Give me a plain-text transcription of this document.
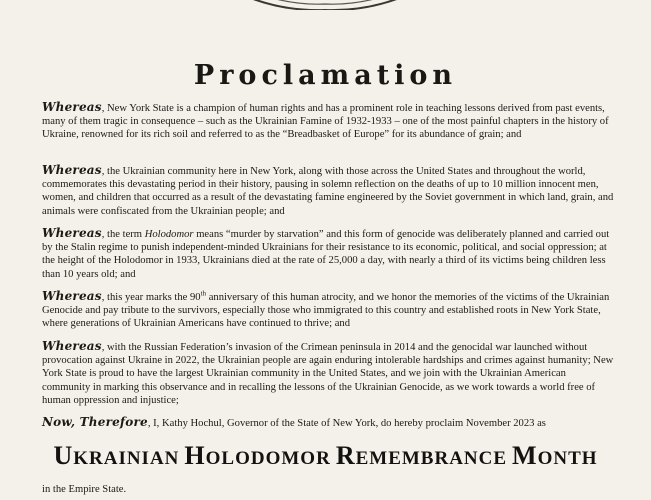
Proclamation
Whereas, New York State is a champion of human rights and has a prominent role in teaching lessons derived from past events, many of them tragic in consequence – such as the Ukrainian Famine of 1932-1933 – one of the most painful chapters in the history of Ukraine, renowned for its rich soil and referred to as the “Breadbasket of Europe” for its abundance of grain; and
Whereas, the Ukrainian community here in New York, along with those across the United States and throughout the world, commemorates this devastating period in their history, pausing in solemn reflection on the deaths of up to 10 million innocent men, women, and children that occurred as a result of the devastating famine engineered by the Soviet government in which land, grain, and animals were confiscated from the Ukrainian people; and
Whereas, the term Holodomor means “murder by starvation” and this form of genocide was deliberately planned and carried out by the Stalin regime to punish independent-minded Ukrainians for their resistance to its economic, political, and social oppression; at the height of the Holodomor in 1933, Ukrainians died at the rate of 25,000 a day, with nearly a third of its victims being children less than 10 years old; and
Whereas, this year marks the 90th anniversary of this human atrocity, and we honor the memories of the victims of the Ukrainian Genocide and pay tribute to the survivors, especially those who immigrated to this country and established roots in New York State, where generations of Ukrainian Americans have continued to thrive; and
Whereas, with the Russian Federation’s invasion of the Crimean peninsula in 2014 and the genocidal war launched without provocation against Ukraine in 2022, the Ukrainian people are again enduring intolerable hardships and crimes against humanity; New York State is proud to have the largest Ukrainian community in the United States, and we join with the Ukrainian American community in marking this observance and in recalling the lessons of the Ukrainian Genocide, as we work towards a world free of human oppression and injustice;
Now, Therefore, I, Kathy Hochul, Governor of the State of New York, do hereby proclaim November 2023 as
UKRAINIAN HOLODOMOR REMEMBRANCE MONTH
in the Empire State.
